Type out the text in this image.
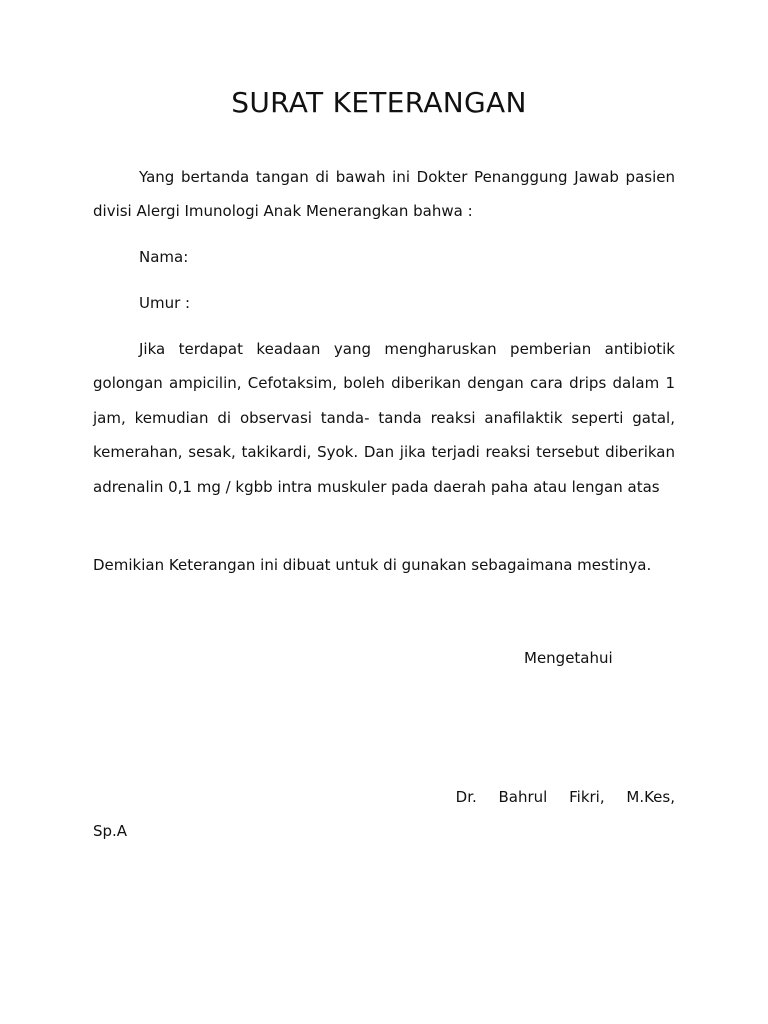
SURAT KETERANGAN

Yang bertanda tangan di bawah ini Dokter Penanggung Jawab pasien divisi Alergi Imunologi Anak Menerangkan bahwa :

Nama:

Umur :

Jika terdapat keadaan yang mengharuskan pemberian antibiotik golongan ampicilin, Cefotaksim, boleh diberikan dengan cara drips dalam 1 jam, kemudian di observasi tanda- tanda reaksi anafilaktik seperti gatal, kemerahan, sesak, takikardi, Syok. Dan jika terjadi reaksi tersebut diberikan adrenalin 0,1 mg / kgbb intra muskuler pada daerah paha atau lengan atas

Demikian Keterangan ini dibuat untuk di gunakan sebagaimana mestinya.

Mengetahui

Dr. Bahrul Fikri, M.Kes,
Sp.A
